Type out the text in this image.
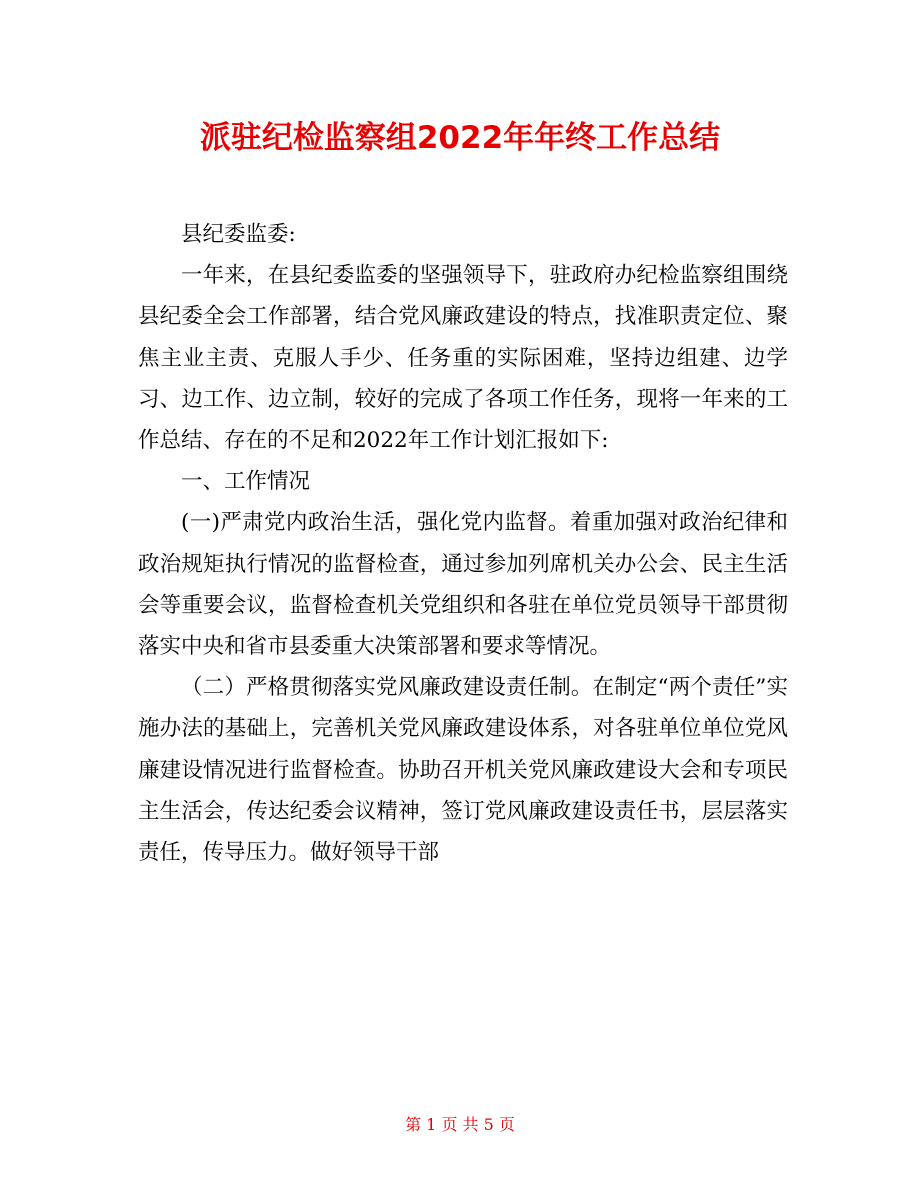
派驻纪检监察组2022年年终工作总结

县纪委监委:

一年来，在县纪委监委的坚强领导下，驻政府办纪检监察组围绕县纪委全会工作部署，结合党风廉政建设的特点，找准职责定位、聚焦主业主责、克服人手少、任务重的实际困难，坚持边组建、边学习、边工作、边立制，较好的完成了各项工作任务，现将一年来的工作总结、存在的不足和2022年工作计划汇报如下:

一、工作情况

(一)严肃党内政治生活，强化党内监督。着重加强对政治纪律和政治规矩执行情况的监督检查，通过参加列席机关办公会、民主生活会等重要会议，监督检查机关党组织和各驻在单位党员领导干部贯彻落实中央和省市县委重大决策部署和要求等情况。

（二）严格贯彻落实党风廉政建设责任制。在制定“两个责任”实施办法的基础上，完善机关党风廉政建设体系，对各驻单位单位党风廉建设情况进行监督检查。协助召开机关党风廉政建设大会和专项民主生活会，传达纪委会议精神，签订党风廉政建设责任书，层层落实责任，传导压力。做好领导干部

第 1 页 共 5 页
